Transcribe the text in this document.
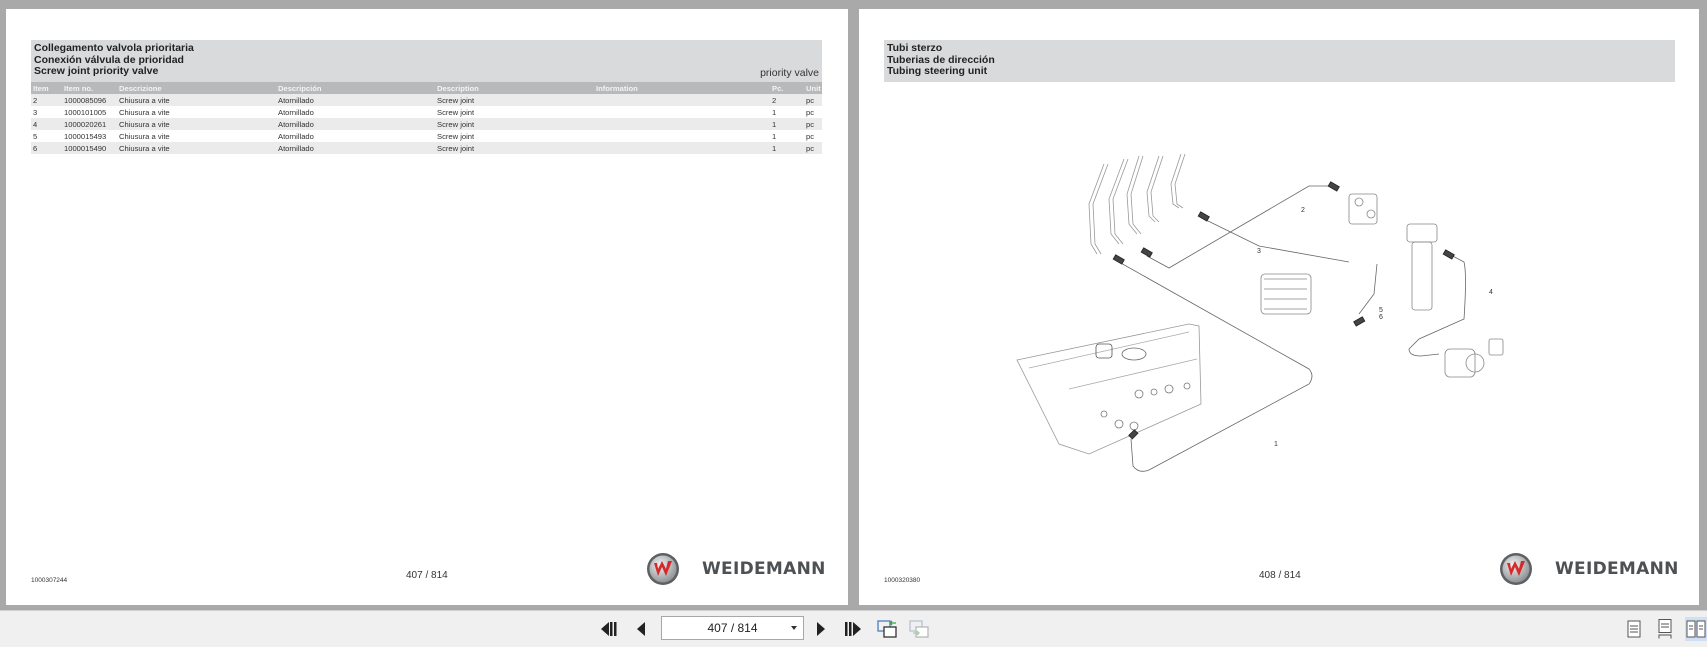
Collegamento valvola prioritaria
Conexión válvula de prioridad
Screw joint priority valve	priority valve
Item	Item no.	Descrizione	Descripción	Description	Information	Pc.	Unit
2	1000085096	Chiusura a vite	Atornillado	Screw joint		2	pc
3	1000101005	Chiusura a vite	Atornillado	Screw joint		1	pc
4	1000020261	Chiusura a vite	Atornillado	Screw joint		1	pc
5	1000015493	Chiusura a vite	Atornillado	Screw joint		1	pc
6	1000015490	Chiusura a vite	Atornillado	Screw joint		1	pc
1000307244	407 / 814	WEIDEMANN
Tubi sterzo
Tuberias de dirección
Tubing steering unit
1
2
3
4
5
6
1000320380	408 / 814	WEIDEMANN
407 / 814
